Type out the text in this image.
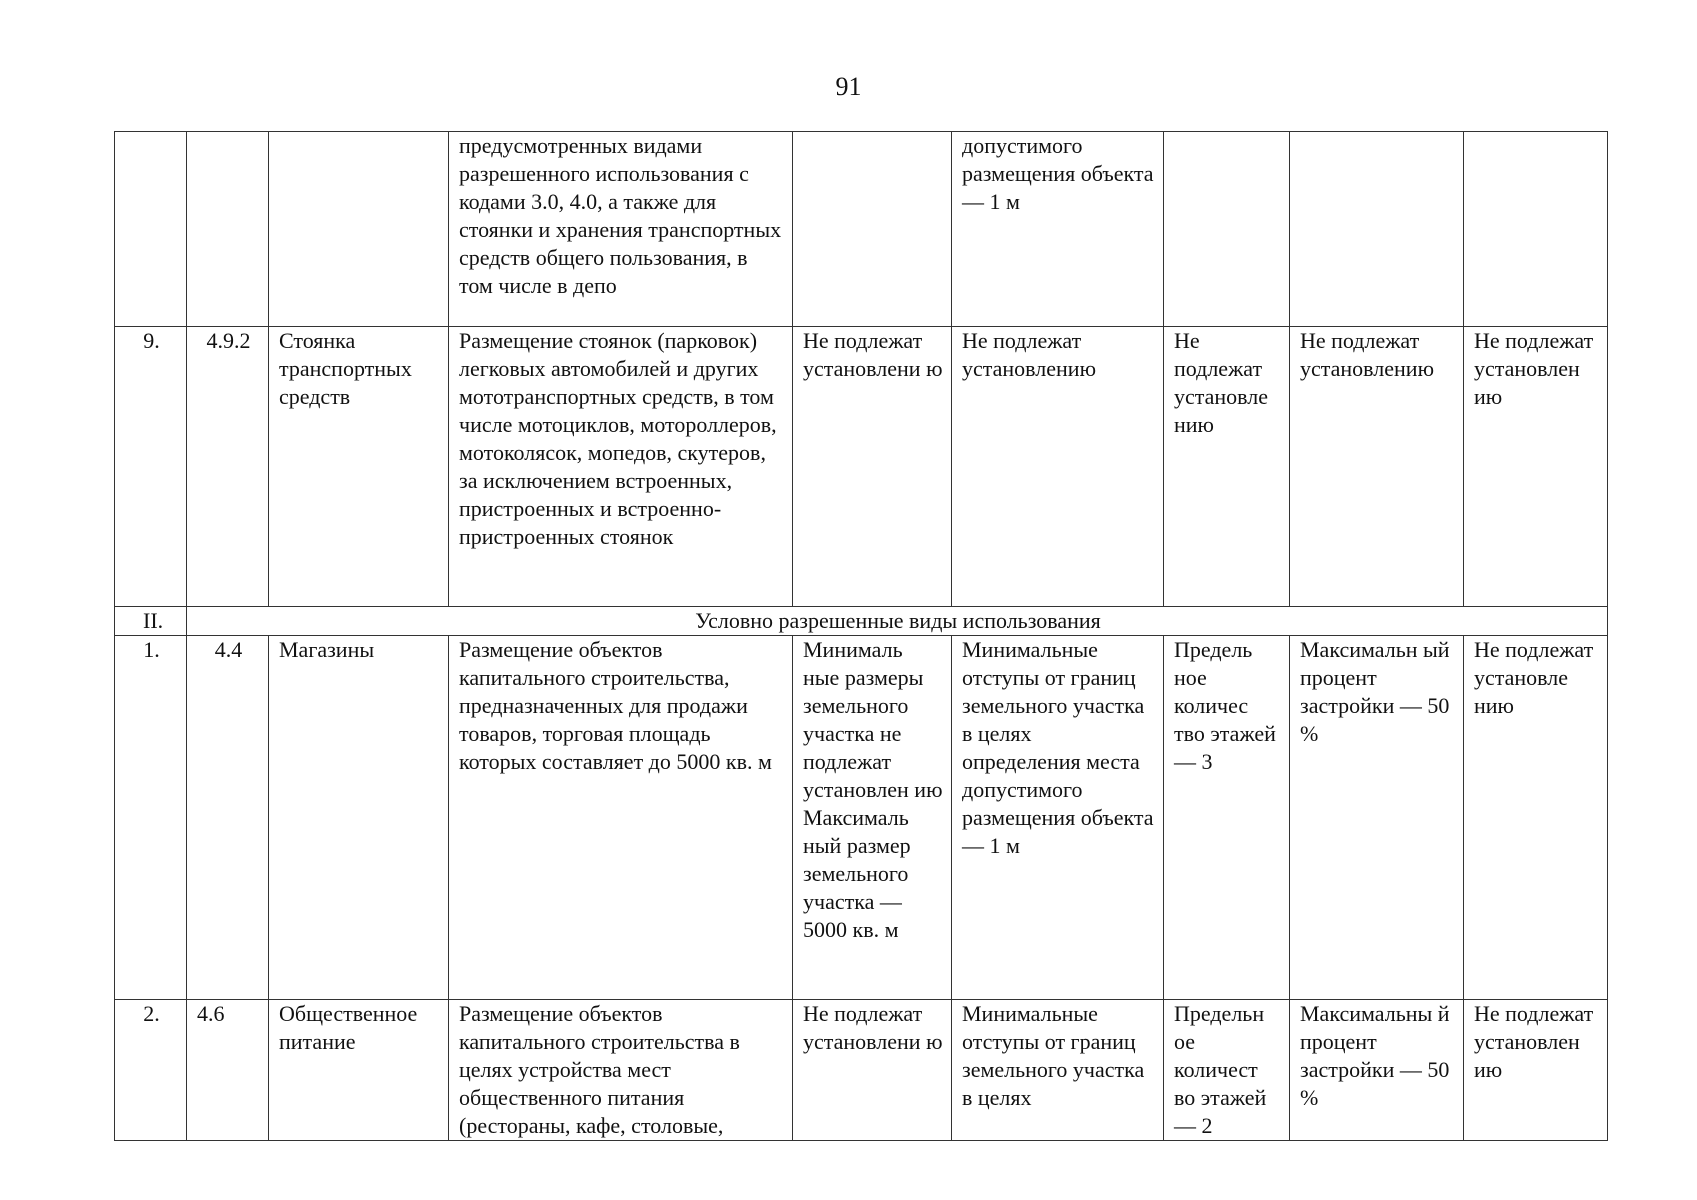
91
			предусмотренных видами разрешенного использования с кодами 3.0, 4.0, а также для стоянки и хранения транспортных средств общего пользования, в том числе в депо		допустимого размещения объекта — 1 м			
9.	4.9.2	Стоянка транспортных средств	Размещение стоянок (парковок) легковых автомобилей и других мототранспортных средств, в том числе мотоциклов, мотороллеров, мотоколясок, мопедов, скутеров, за исключением встроенных, пристроенных и встроенно-пристроенных стоянок	Не подлежат установлени ю	Не подлежат установлению	Не подлежат установле нию	Не подлежат установлению	Не подлежат установлен ию
II.	Условно разрешенные виды использования							
1.	4.4	Магазины	Размещение объектов капитального строительства, предназначенных для продажи товаров, торговая площадь которых составляет до 5000 кв. м	Минималь ные размеры земельного участка не подлежат установлен ию Максималь ный размер земельного участка — 5000 кв. м	Минимальные отступы от границ земельного участка в целях определения места допустимого размещения объекта — 1 м	Предель ное количес тво этажей — 3	Максимальн ый процент застройки — 50 %	Не подлежат установле нию
2.	4.6	Общественное питание	Размещение объектов капитального строительства в целях устройства мест общественного питания (рестораны, кафе, столовые,	Не подлежат установлени ю	Минимальные отступы от границ земельного участка в целях	Предельн ое количест во этажей — 2	Максимальны й процент застройки — 50 %	Не подлежат установлен ию
